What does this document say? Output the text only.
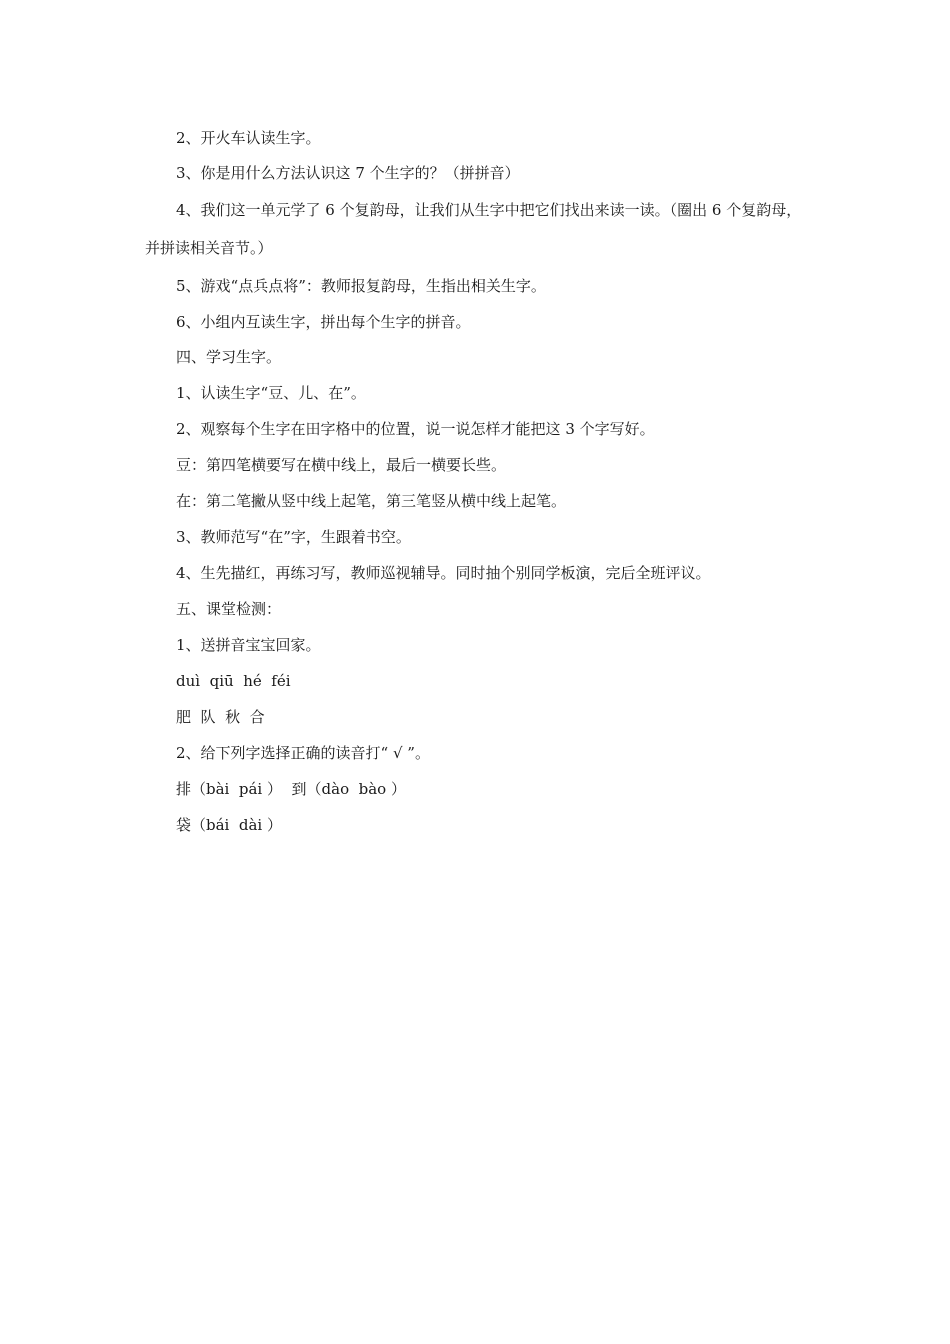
2、开火车认读生字。
3、你是用什么方法认识这 7 个生字的？（拼拼音）
4、我们这一单元学了 6 个复韵母，让我们从生字中把它们找出来读一读。（圈出 6 个复韵母，并拼读相关音节。）
5、游戏“点兵点将”：教师报复韵母，生指出相关生字。
6、小组内互读生字，拼出每个生字的拼音。
四、学习生字。
1、认读生字“豆、儿、在”。
2、观察每个生字在田字格中的位置，说一说怎样才能把这 3 个字写好。
豆：第四笔横要写在横中线上，最后一横要长些。
在：第二笔撇从竖中线上起笔，第三笔竖从横中线上起笔。
3、教师范写“在”字，生跟着书空。
4、生先描红，再练习写，教师巡视辅导。同时抽个别同学板演，完后全班评议。
五、课堂检测：
1、送拼音宝宝回家。
duì  qiū  hé  féi
肥  队  秋  合
2、给下列字选择正确的读音打“ √ ”。
排（bài  pái ）  到（dào  bào ）
袋（bái  dài ）
